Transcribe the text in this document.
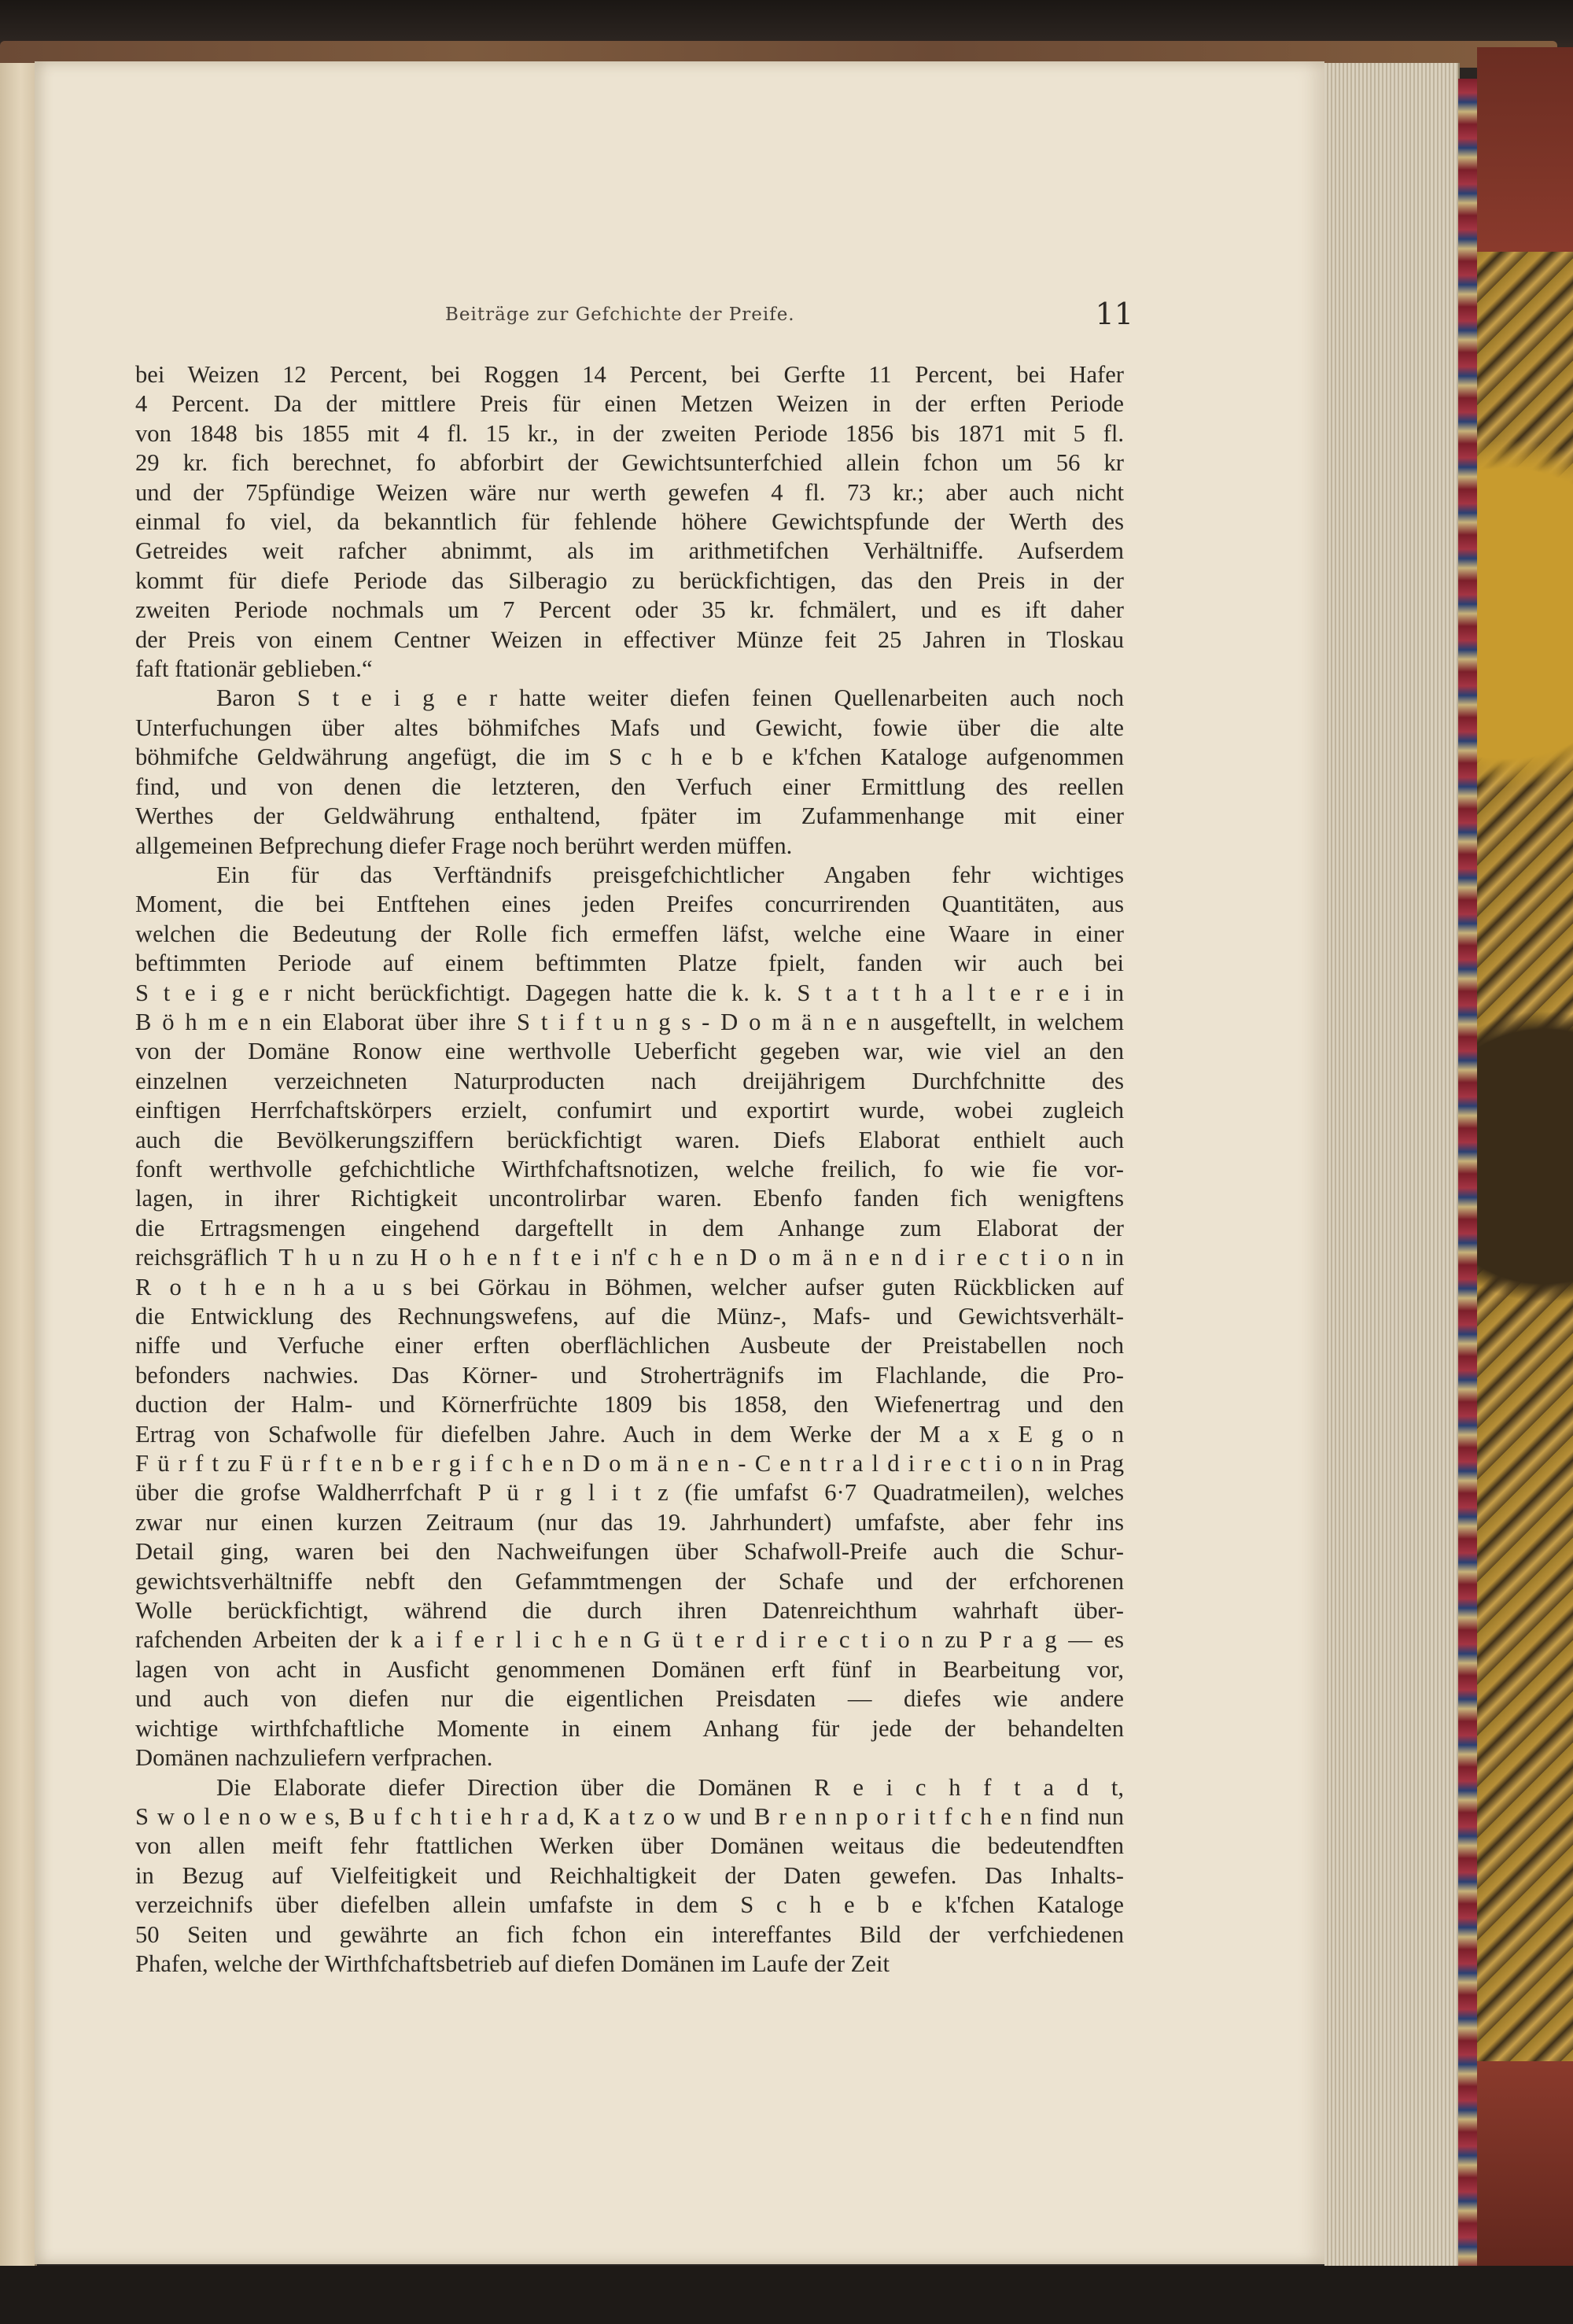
Beiträge zur Gefchichte der Preife.	11

bei Weizen 12 Percent, bei Roggen 14 Percent, bei Gerfte 11 Percent, bei Hafer
4 Percent. Da der mittlere Preis für einen Metzen Weizen in der erften Periode
von 1848 bis 1855 mit 4 fl. 15 kr., in der zweiten Periode 1856 bis 1871 mit 5 fl.
29 kr. fich berechnet, fo abforbirt der Gewichtsunterfchied allein fchon um 56 kr
und der 75pfündige Weizen wäre nur werth gewefen 4 fl. 73 kr.; aber auch nicht
einmal fo viel, da bekanntlich für fehlende höhere Gewichtspfunde der Werth des
Getreides weit rafcher abnimmt, als im arithmetifchen Verhältniffe. Aufserdem
kommt für diefe Periode das Silberagio zu berückfichtigen, das den Preis in der
zweiten Periode nochmals um 7 Percent oder 35 kr. fchmälert, und es ift daher
der Preis von einem Centner Weizen in effectiver Münze feit 25 Jahren in Tloskau
faft ftationär geblieben.“

Baron S t e i g e r hatte weiter diefen feinen Quellenarbeiten auch noch
Unterfuchungen über altes böhmifches Mafs und Gewicht, fowie über die alte
böhmifche Geldwährung angefügt, die im S c h e b e k'fchen Kataloge aufgenommen
find, und von denen die letzteren, den Verfuch einer Ermittlung des reellen
Werthes der Geldwährung enthaltend, fpäter im Zufammenhange mit einer
allgemeinen Befprechung diefer Frage noch berührt werden müffen.

Ein für das Verftändnifs preisgefchichtlicher Angaben fehr wichtiges
Moment, die bei Entftehen eines jeden Preifes concurrirenden Quantitäten, aus
welchen die Bedeutung der Rolle fich ermeffen läfst, welche eine Waare in einer
beftimmten Periode auf einem beftimmten Platze fpielt, fanden wir auch bei
S t e i g e r nicht berückfichtigt. Dagegen hatte die k. k. S t a t t h a l t e r e i in
B ö h m e n ein Elaborat über ihre S t i f t u n g s - D o m ä n e n ausgeftellt, in welchem
von der Domäne Ronow eine werthvolle Ueberficht gegeben war, wie viel an den
einzelnen verzeichneten Naturproducten nach dreijährigem Durchfchnitte des
einftigen Herrfchaftskörpers erzielt, confumirt und exportirt wurde, wobei zugleich
auch die Bevölkerungsziffern berückfichtigt waren. Diefs Elaborat enthielt auch
fonft werthvolle gefchichtliche Wirthfchaftsnotizen, welche freilich, fo wie fie vor-
lagen, in ihrer Richtigkeit uncontrolirbar waren. Ebenfo fanden fich wenigftens
die Ertragsmengen eingehend dargeftellt in dem Anhange zum Elaborat der
reichsgräflich T h u n zu H o h e n f t e i n'f c h e n D o m ä n e n d i r e c t i o n in
R o t h e n h a u s bei Görkau in Böhmen, welcher aufser guten Rückblicken auf
die Entwicklung des Rechnungswefens, auf die Münz-, Mafs- und Gewichtsverhält-
niffe und Verfuche einer erften oberflächlichen Ausbeute der Preistabellen noch
befonders nachwies. Das Körner- und Stroherträgnifs im Flachlande, die Pro-
duction der Halm- und Körnerfrüchte 1809 bis 1858, den Wiefenertrag und den
Ertrag von Schafwolle für diefelben Jahre. Auch in dem Werke der M a x E g o n
F ü r f t zu F ü r f t e n b e r g i f c h e n D o m ä n e n - C e n t r a l d i r e c t i o n in Prag
über die grofse Waldherrfchaft P ü r g l i t z (fie umfafst 6·7 Quadratmeilen), welches
zwar nur einen kurzen Zeitraum (nur das 19. Jahrhundert) umfafste, aber fehr ins
Detail ging, waren bei den Nachweifungen über Schafwoll-Preife auch die Schur-
gewichtsverhältniffe nebft den Gefammtmengen der Schafe und der erfchorenen
Wolle berückfichtigt, während die durch ihren Datenreichthum wahrhaft über-
rafchenden Arbeiten der k a i f e r l i c h e n G ü t e r d i r e c t i o n zu P r a g — es
lagen von acht in Ausficht genommenen Domänen erft fünf in Bearbeitung vor,
und auch von diefen nur die eigentlichen Preisdaten — diefes wie andere
wichtige wirthfchaftliche Momente in einem Anhang für jede der behandelten
Domänen nachzuliefern verfprachen.

Die Elaborate diefer Direction über die Domänen R e i c h f t a d t,
S w o l e n o w e s, B u f c h t i e h r a d, K a t z o w und B r e n n p o r i t f c h e n find nun
von allen meift fehr ftattlichen Werken über Domänen weitaus die bedeutendften
in Bezug auf Vielfeitigkeit und Reichhaltigkeit der Daten gewefen. Das Inhalts-
verzeichnifs über diefelben allein umfafste in dem S c h e b e k'fchen Kataloge
50 Seiten und gewährte an fich fchon ein intereffantes Bild der verfchiedenen
Phafen, welche der Wirthfchaftsbetrieb auf diefen Domänen im Laufe der Zeit
